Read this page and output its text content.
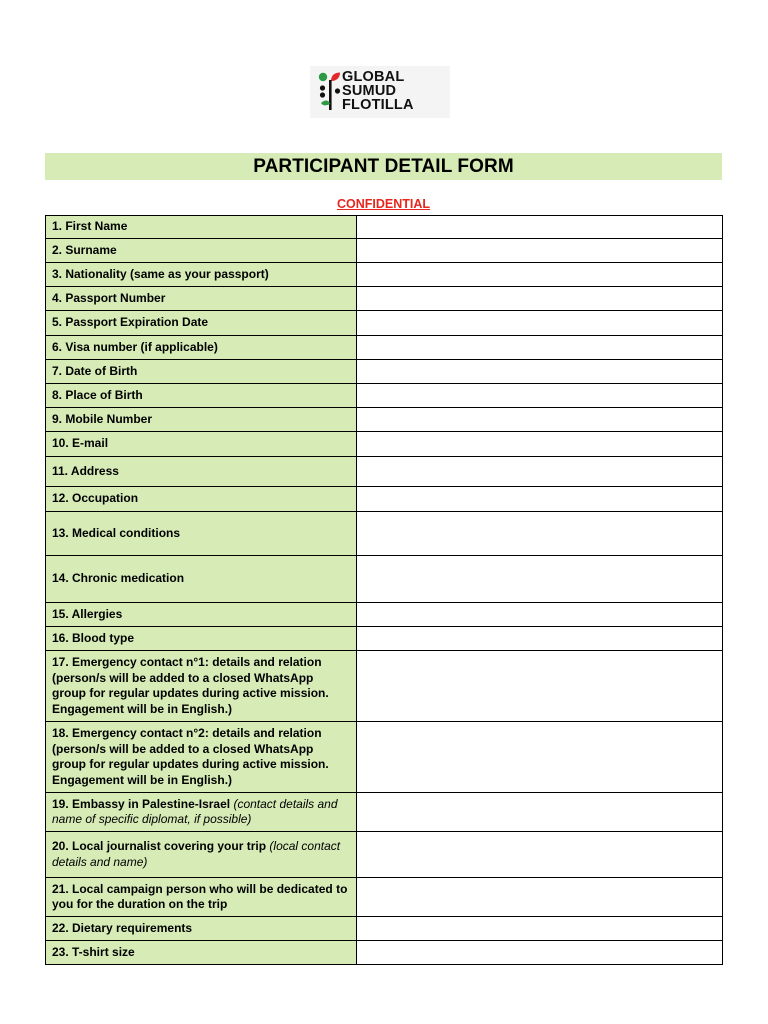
GLOBAL
SUMUD
FLOTILLA
PARTICIPANT DETAIL FORM
CONFIDENTIAL
1. First Name	
2. Surname	
3. Nationality (same as your passport)	
4. Passport Number	
5. Passport Expiration Date	
6. Visa number (if applicable)	
7. Date of Birth	
8. Place of Birth	
9. Mobile Number	
10. E-mail	
11. Address	
12. Occupation	
13. Medical conditions	
14. Chronic medication	
15. Allergies	
16. Blood type	
17. Emergency contact n°1: details and relation (person/s will be added to a closed WhatsApp group for regular updates during active mission. Engagement will be in English.)	
18. Emergency contact n°2: details and relation (person/s will be added to a closed WhatsApp group for regular updates during active mission. Engagement will be in English.)	
19. Embassy in Palestine-Israel (contact details and name of specific diplomat, if possible)	
20. Local journalist covering your trip (local contact details and name)	
21. Local campaign person who will be dedicated to you for the duration on the trip	
22. Dietary requirements	
23. T-shirt size	
